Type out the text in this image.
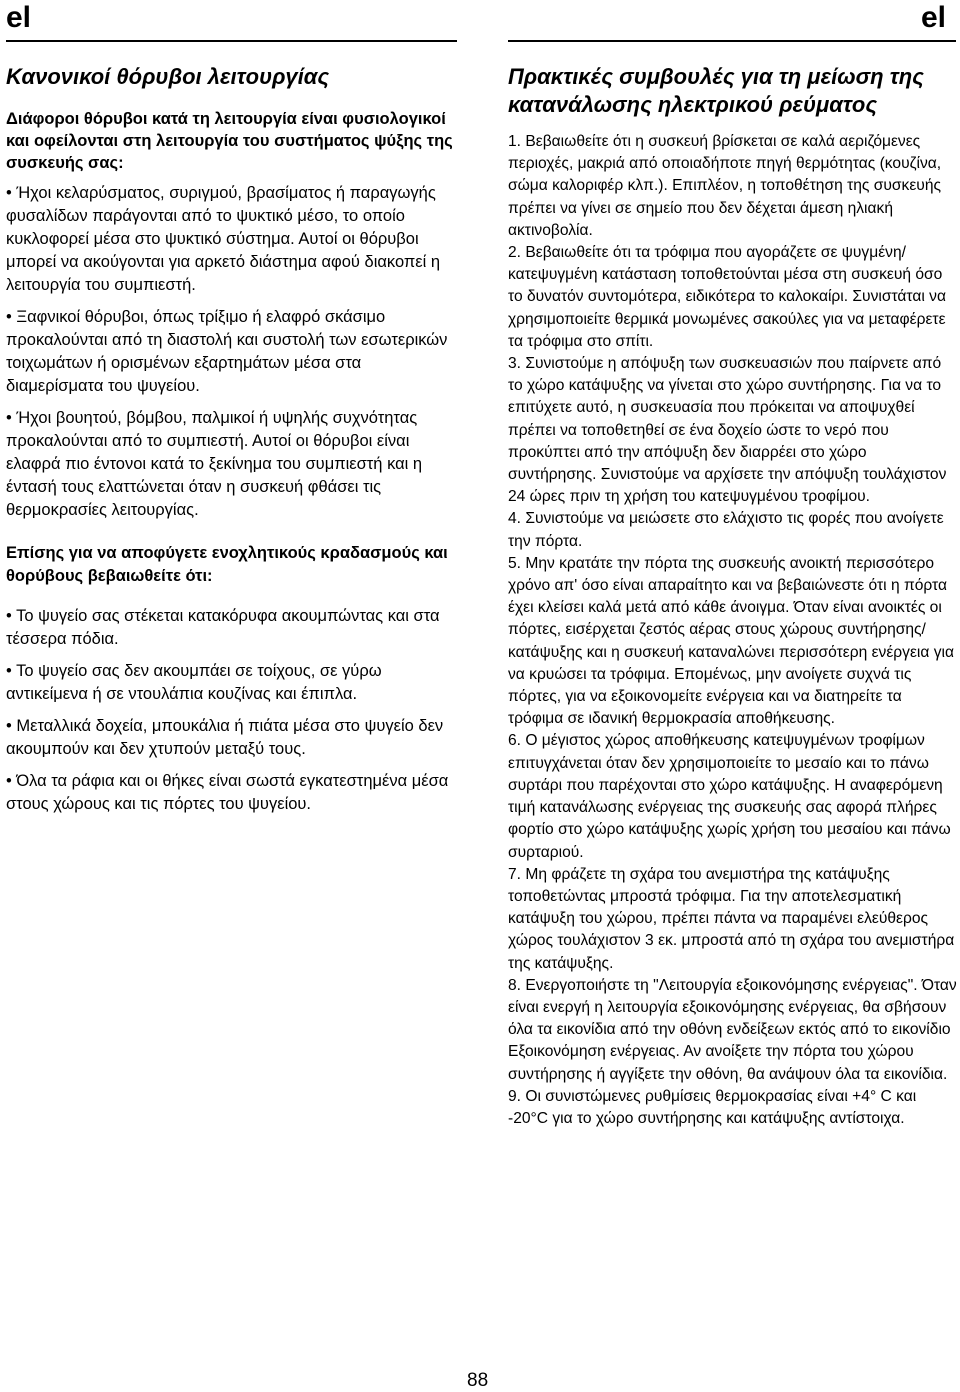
el	el
Κανονικοί θόρυβοι λειτουργίας

Διάφοροι θόρυβοι κατά τη λειτουργία είναι φυσιολογικοί και οφείλονται στη λειτουργία του συστήματος ψύξης της συσκευής σας:

• Ήχοι κελαρύσματος, συριγμού, βρασίματος ή παραγωγής φυσαλίδων παράγονται από το ψυκτικό μέσο, το οποίο κυκλοφορεί μέσα στο ψυκτικό σύστημα. Αυτοί οι θόρυβοι μπορεί να ακούγονται για αρκετό διάστημα αφού διακοπεί η λειτουργία του συμπιεστή.

• Ξαφνικοί θόρυβοι, όπως τρίξιμο ή ελαφρό σκάσιμο προκαλούνται από τη διαστολή και συστολή των εσωτερικών τοιχωμάτων ή ορισμένων εξαρτημάτων μέσα στα διαμερίσματα του ψυγείου.

• Ήχοι βουητού, βόμβου, παλμικοί ή υψηλής συχνότητας προκαλούνται από το συμπιεστή. Αυτοί οι θόρυβοι είναι ελαφρά πιο έντονοι κατά το ξεκίνημα του συμπιεστή και η έντασή τους ελαττώνεται όταν η συσκευή φθάσει τις θερμοκρασίες λειτουργίας.

Επίσης για να αποφύγετε ενοχλητικούς κραδασμούς και θορύβους βεβαιωθείτε ότι:

• Το ψυγείο σας στέκεται κατακόρυφα ακουμπώντας και στα τέσσερα πόδια.

• Το ψυγείο σας δεν ακουμπάει σε τοίχους, σε γύρω αντικείμενα ή σε ντουλάπια κουζίνας και έπιπλα.

• Μεταλλικά δοχεία, μπουκάλια ή πιάτα μέσα στο ψυγείο δεν ακουμπούν και δεν χτυπούν μεταξύ τους.

• Όλα τα ράφια και οι θήκες είναι σωστά εγκατεστημένα μέσα στους χώρους και τις πόρτες του ψυγείου.

Πρακτικές συμβουλές για τη μείωση της κατανάλωσης ηλεκτρικού ρεύματος

1. Βεβαιωθείτε ότι η συσκευή βρίσκεται σε καλά αεριζόμενες περιοχές, μακριά από οποιαδήποτε πηγή θερμότητας (κουζίνα, σώμα καλοριφέρ κλπ.). Επιπλέον, η τοποθέτηση της συσκευής πρέπει να γίνει σε σημείο που δεν δέχεται άμεση ηλιακή ακτινοβολία.

2. Βεβαιωθείτε ότι τα τρόφιμα που αγοράζετε σε ψυγμένη/κατεψυγμένη κατάσταση τοποθετούνται μέσα στη συσκευή όσο το δυνατόν συντομότερα, ειδικότερα το καλοκαίρι. Συνιστάται να χρησιμοποιείτε θερμικά μονωμένες σακούλες για να μεταφέρετε τα τρόφιμα στο σπίτι.

3. Συνιστούμε η απόψυξη των συσκευασιών που παίρνετε από το χώρο κατάψυξης να γίνεται στο χώρο συντήρησης. Για να το επιτύχετε αυτό, η συσκευασία που πρόκειται να αποψυχθεί πρέπει να τοποθετηθεί σε ένα δοχείο ώστε το νερό που προκύπτει από την απόψυξη δεν διαρρέει στο χώρο συντήρησης. Συνιστούμε να αρχίσετε την απόψυξη τουλάχιστον 24 ώρες πριν τη χρήση του κατεψυγμένου τροφίμου.

4. Συνιστούμε να μειώσετε στο ελάχιστο τις φορές που ανοίγετε την πόρτα.

5. Μην κρατάτε την πόρτα της συσκευής ανοικτή περισσότερο χρόνο απ' όσο είναι απαραίτητο και να βεβαιώνεστε ότι η πόρτα έχει κλείσει καλά μετά από κάθε άνοιγμα. Όταν είναι ανοικτές οι πόρτες, εισέρχεται ζεστός αέρας στους χώρους συντήρησης/κατάψυξης και η συσκευή καταναλώνει περισσότερη ενέργεια για να κρυώσει τα τρόφιμα. Επομένως, μην ανοίγετε συχνά τις πόρτες, για να εξοικονομείτε ενέργεια και να διατηρείτε τα τρόφιμα σε ιδανική θερμοκρασία αποθήκευσης.

6. Ο μέγιστος χώρος αποθήκευσης κατεψυγμένων τροφίμων επιτυγχάνεται όταν δεν χρησιμοποιείτε το μεσαίο και το πάνω συρτάρι που παρέχονται στο χώρο κατάψυξης. Η αναφερόμενη τιμή κατανάλωσης ενέργειας της συσκευής σας αφορά πλήρες φορτίο στο χώρο κατάψυξης χωρίς χρήση του μεσαίου και πάνω συρταριού.

7. Μη φράζετε τη σχάρα του ανεμιστήρα της κατάψυξης τοποθετώντας μπροστά τρόφιμα. Για την αποτελεσματική κατάψυξη του χώρου, πρέπει πάντα να παραμένει ελεύθερος χώρος τουλάχιστον 3 εκ. μπροστά από τη σχάρα του ανεμιστήρα της κατάψυξης.

8. Ενεργοποιήστε τη "Λειτουργία εξοικονόμησης ενέργειας". Όταν είναι ενεργή η λειτουργία εξοικονόμησης ενέργειας, θα σβήσουν όλα τα εικονίδια από την οθόνη ενδείξεων εκτός από το εικονίδιο Εξοικονόμηση ενέργειας. Αν ανοίξετε την πόρτα του χώρου συντήρησης ή αγγίξετε την οθόνη, θα ανάψουν όλα τα εικονίδια.

9. Οι συνιστώμενες ρυθμίσεις θερμοκρασίας είναι +4° C και -20°C για το χώρο συντήρησης και κατάψυξης αντίστοιχα.

88
